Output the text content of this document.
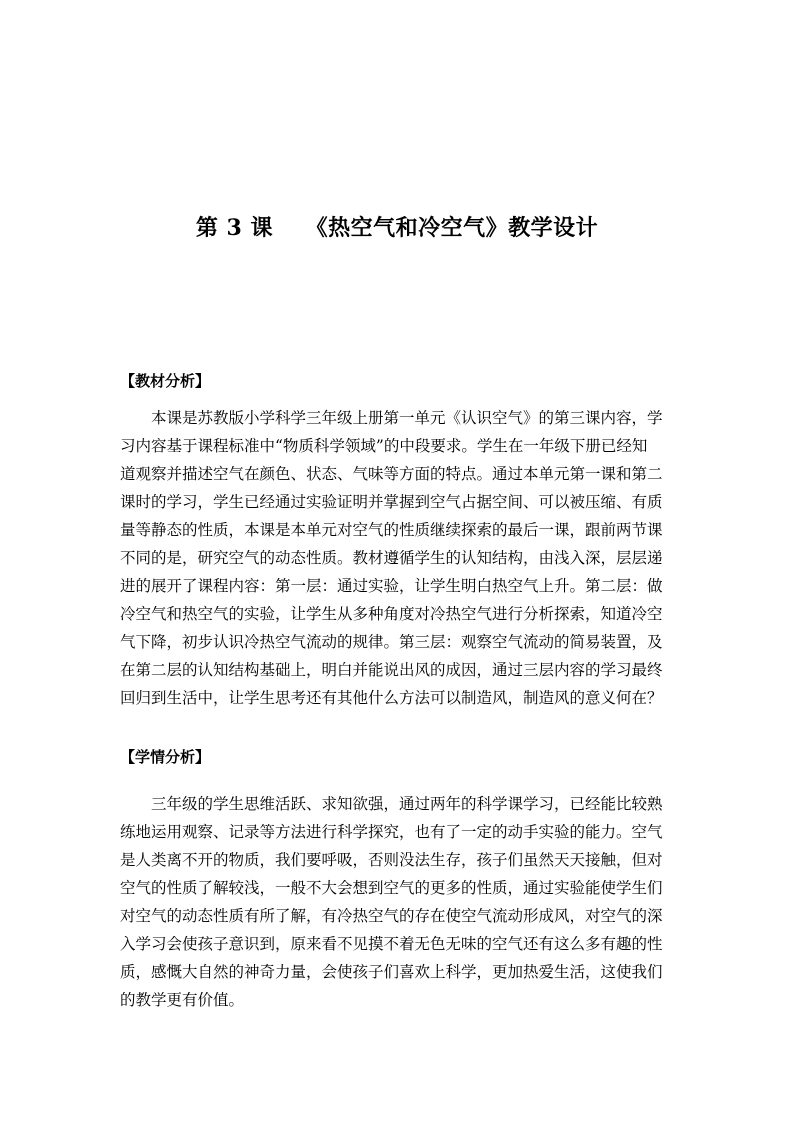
第 3 课    《热空气和冷空气》教学设计
【教材分析】
本课是苏教版小学科学三年级上册第一单元《认识空气》的第三课内容，学
习内容基于课程标准中“物质科学领域”的中段要求。学生在一年级下册已经知
道观察并描述空气在颜色、状态、气味等方面的特点。通过本单元第一课和第二
课时的学习，学生已经通过实验证明并掌握到空气占据空间、可以被压缩、有质
量等静态的性质，本课是本单元对空气的性质继续探索的最后一课，跟前两节课
不同的是，研究空气的动态性质。教材遵循学生的认知结构，由浅入深，层层递
进的展开了课程内容：第一层：通过实验，让学生明白热空气上升。第二层：做
冷空气和热空气的实验，让学生从多种角度对冷热空气进行分析探索，知道冷空
气下降，初步认识冷热空气流动的规律。第三层：观察空气流动的简易装置，及
在第二层的认知结构基础上，明白并能说出风的成因，通过三层内容的学习最终
回归到生活中，让学生思考还有其他什么方法可以制造风，制造风的意义何在？
【学情分析】
三年级的学生思维活跃、求知欲强，通过两年的科学课学习，已经能比较熟
练地运用观察、记录等方法进行科学探究，也有了一定的动手实验的能力。空气
是人类离不开的物质，我们要呼吸，否则没法生存，孩子们虽然天天接触，但对
空气的性质了解较浅，一般不大会想到空气的更多的性质，通过实验能使学生们
对空气的动态性质有所了解，有冷热空气的存在使空气流动形成风，对空气的深
入学习会使孩子意识到，原来看不见摸不着无色无味的空气还有这么多有趣的性
质，感慨大自然的神奇力量，会使孩子们喜欢上科学，更加热爱生活，这使我们
的教学更有价值。
